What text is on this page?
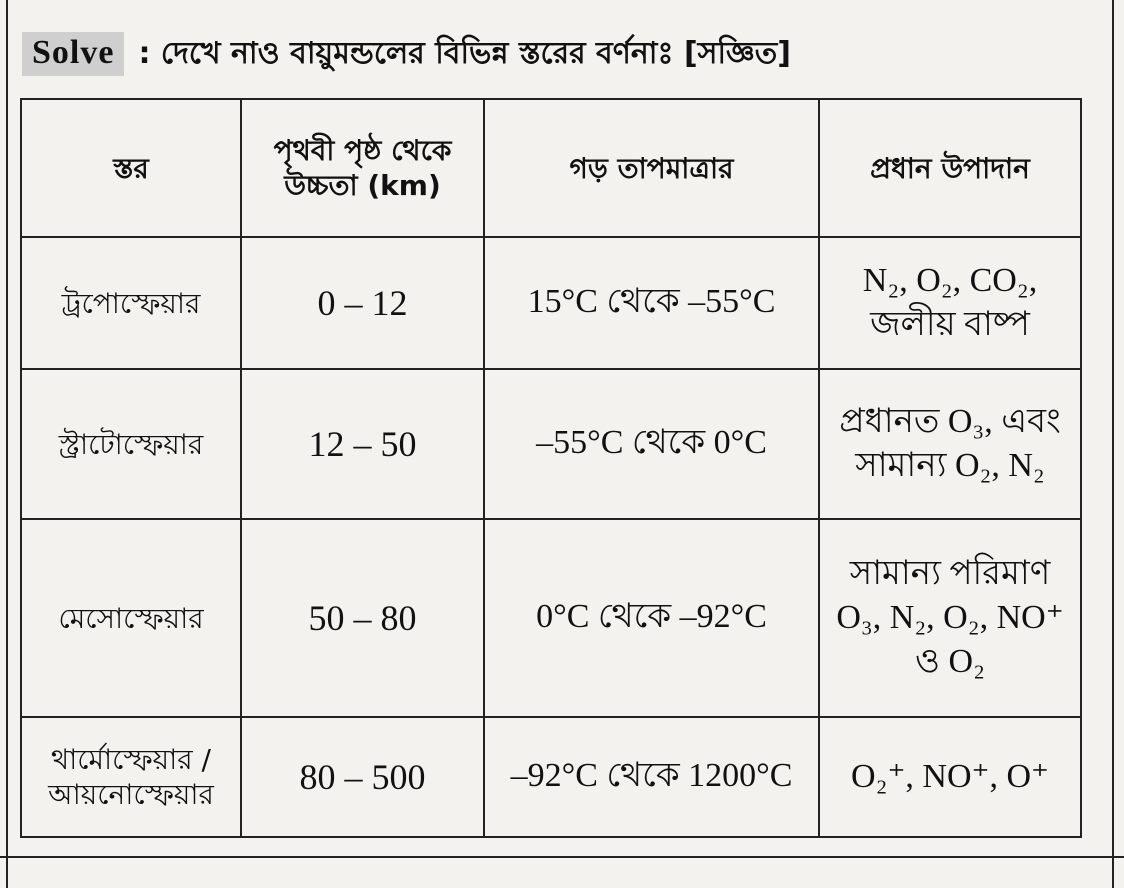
Solve : দেখে নাও বায়ুমন্ডলের বিভিন্ন স্তরের বর্ণনাঃ [সজ্ঞিত]
স্তর	পৃথবী পৃষ্ঠ থেকে উচ্চতা (km)	গড় তাপমাত্রার	প্রধান উপাদান
ট্রপোস্ফেয়ার	0 – 12	15°C থেকে –55°C	N₂, O₂, CO₂, জলীয় বাষ্প
স্ট্রাটোস্ফেয়ার	12 – 50	–55°C থেকে 0°C	প্রধানত O₃, এবং সামান্য O₂, N₂
মেসোস্ফেয়ার	50 – 80	0°C থেকে –92°C	সামান্য পরিমাণ O₃, N₂, O₂, NO⁺ ও O₂
থার্মোস্ফেয়ার /আয়নোস্ফেয়ার	80 – 500	–92°C থেকে 1200°C	O₂⁺, NO⁺, O⁺
